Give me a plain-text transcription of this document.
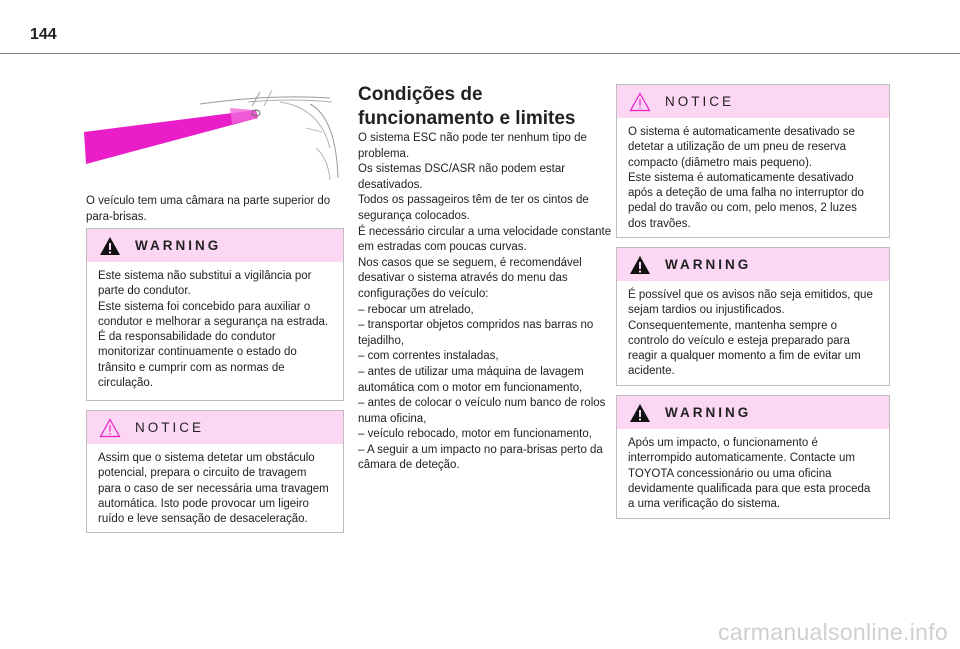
144
O veículo tem uma câmara na parte superior do para-brisas.
WARNING
Este sistema não substitui a vigilância por parte do condutor.
Este sistema foi concebido para auxiliar o condutor e melhorar a segurança na estrada.
É da responsabilidade do condutor monitorizar continuamente o estado do trânsito e cumprir com as normas de circulação.
NOTICE
Assim que o sistema detetar um obstáculo potencial, prepara o circuito de travagem para o caso de ser necessária uma travagem automática. Isto pode provocar um ligeiro ruído e leve sensação de desaceleração.
Condições de funcionamento e limites
O sistema ESC não pode ter nenhum tipo de problema.
Os sistemas DSC/ASR não podem estar desativados.
Todos os passageiros têm de ter os cintos de segurança colocados.
É necessário circular a uma velocidade constante em estradas com poucas curvas.
Nos casos que se seguem, é recomendável desativar o sistema através do menu das configurações do veículo:
– rebocar um atrelado,
– transportar objetos compridos nas barras no tejadilho,
– com correntes instaladas,
– antes de utilizar uma máquina de lavagem automática com o motor em funcionamento,
– antes de colocar o veículo num banco de rolos numa oficina,
– veículo rebocado, motor em funcionamento,
– A seguir a um impacto no para-brisas perto da câmara de deteção.
NOTICE
O sistema é automaticamente desativado se detetar a utilização de um pneu de reserva compacto (diâmetro mais pequeno).
Este sistema é automaticamente desativado após a deteção de uma falha no interruptor do pedal do travão ou com, pelo menos, 2 luzes dos travões.
WARNING
É possível que os avisos não seja emitidos, que sejam tardios ou injustificados. Consequentemente, mantenha sempre o controlo do veículo e esteja preparado para reagir a qualquer momento a fim de evitar um acidente.
WARNING
Após um impacto, o funcionamento é interrompido automaticamente. Contacte um TOYOTA concessionário ou uma oficina devidamente qualificada para que esta proceda a uma verificação do sistema.
carmanualsonline.info
